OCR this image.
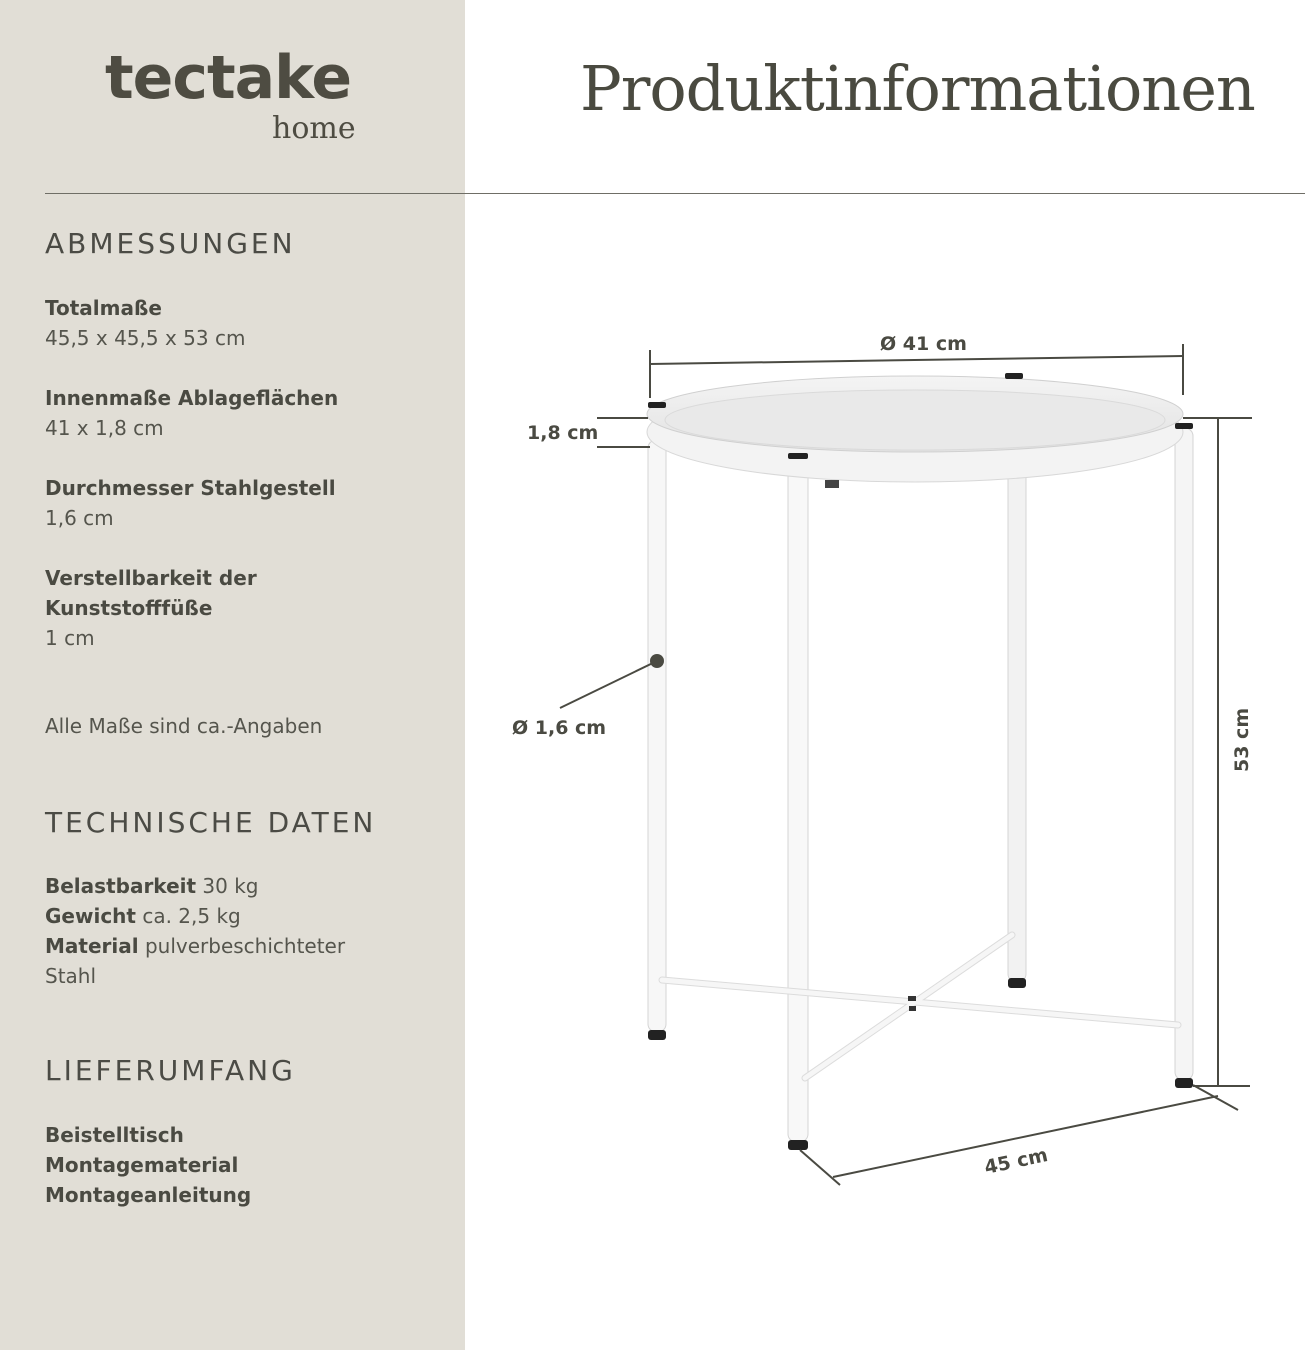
tectake
home
Produktinformationen
ABMESSUNGEN
Totalmaße
45,5 x 45,5 x 53 cm
Innenmaße Ablageflächen
41 x 1,8 cm
Durchmesser Stahlgestell
1,6 cm
Verstellbarkeit der
Kunststofffüße
1 cm
Alle Maße sind ca.-Angaben
TECHNISCHE DATEN
Belastbarkeit 30 kg
Gewicht ca. 2,5 kg
Material pulverbeschichteter
Stahl
LIEFERUMFANG
Beistelltisch
Montagematerial
Montageanleitung
Ø 41 cm
1,8 cm
Ø 1,6 cm	53 cm
45 cm
